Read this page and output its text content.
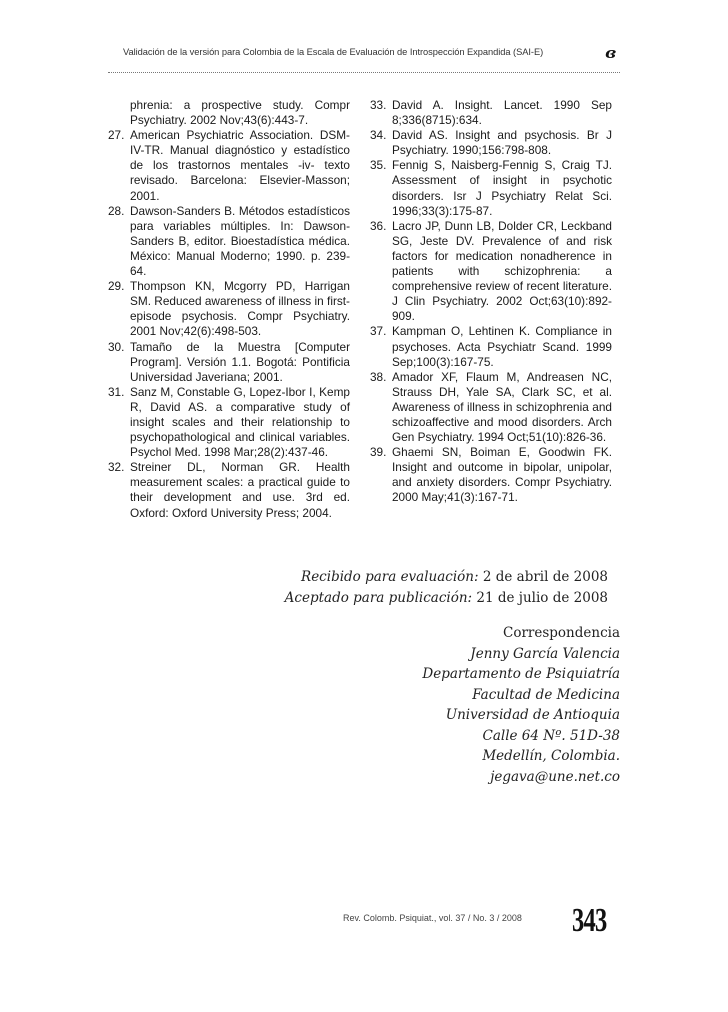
Validación de la versión para Colombia de la Escala de Evaluación de Introspección Expandida (SAI-E)	ɞ
phrenia: a prospective study. Compr Psychiatry. 2002 Nov;43(6):443-7.
27. American Psychiatric Association. DSM-IV-TR. Manual diagnóstico y estadístico de los trastornos mentales -iv- texto revisado. Barcelona: Elsevier-Masson; 2001.
28. Dawson-Sanders B. Métodos estadísticos para variables múltiples. In: Dawson-Sanders B, editor. Bioestadística médica. México: Manual Moderno; 1990. p. 239-64.
29. Thompson KN, Mcgorry PD, Harrigan SM. Reduced awareness of illness in first-episode psychosis. Compr Psychiatry. 2001 Nov;42(6):498-503.
30. Tamaño de la Muestra [Computer Program]. Versión 1.1. Bogotá: Pontificia Universidad Javeriana; 2001.
31. Sanz M, Constable G, Lopez-Ibor I, Kemp R, David AS. a comparative study of insight scales and their relationship to psychopathological and clinical variables. Psychol Med. 1998 Mar;28(2):437-46.
32. Streiner DL, Norman GR. Health measurement scales: a practical guide to their development and use. 3rd ed. Oxford: Oxford University Press; 2004.
33. David A. Insight. Lancet. 1990 Sep 8;336(8715):634.
34. David AS. Insight and psychosis. Br J Psychiatry. 1990;156:798-808.
35. Fennig S, Naisberg-Fennig S, Craig TJ. Assessment of insight in psychotic disorders. Isr J Psychiatry Relat Sci. 1996;33(3):175-87.
36. Lacro JP, Dunn LB, Dolder CR, Leckband SG, Jeste DV. Prevalence of and risk factors for medication nonadherence in patients with schizophrenia: a comprehensive review of recent literature. J Clin Psychiatry. 2002 Oct;63(10):892-909.
37. Kampman O, Lehtinen K. Compliance in psychoses. Acta Psychiatr Scand. 1999 Sep;100(3):167-75.
38. Amador XF, Flaum M, Andreasen NC, Strauss DH, Yale SA, Clark SC, et al. Awareness of illness in schizophrenia and schizoaffective and mood disorders. Arch Gen Psychiatry. 1994 Oct;51(10):826-36.
39. Ghaemi SN, Boiman E, Goodwin FK. Insight and outcome in bipolar, unipolar, and anxiety disorders. Compr Psychiatry. 2000 May;41(3):167-71.
Recibido para evaluación: 2 de abril de 2008
Aceptado para publicación: 21 de julio de 2008
Correspondencia
Jenny García Valencia
Departamento de Psiquiatría
Facultad de Medicina
Universidad de Antioquia
Calle 64 Nº. 51D-38
Medellín, Colombia.
jegava@une.net.co
Rev. Colomb. Psiquiat., vol. 37 / No. 3 / 2008 343
